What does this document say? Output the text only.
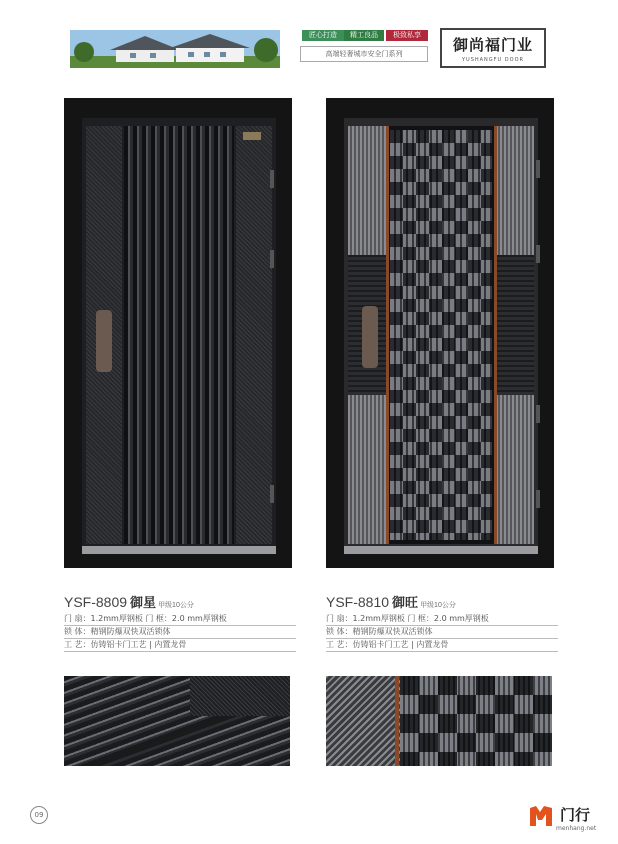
匠心打造	精工良品	极致私享
高端轻奢城市安全门系列	御尚福门业
YUSHANGFU DOOR
YSF-8809 御星 甲级10公分
门 扇：1.2mm厚钢板 门 框：2.0 mm厚钢板
锁 体：精钢防爆双快双活锁体
工 艺：仿铸铝卡门工艺 | 内置龙骨
YSF-8810 御旺 甲级10公分
门 扇：1.2mm厚钢板 门 框：2.0 mm厚钢板
锁 体：精钢防爆双快双活锁体
工 艺：仿铸铝卡门工艺 | 内置龙骨
09	门行
menhang.net
